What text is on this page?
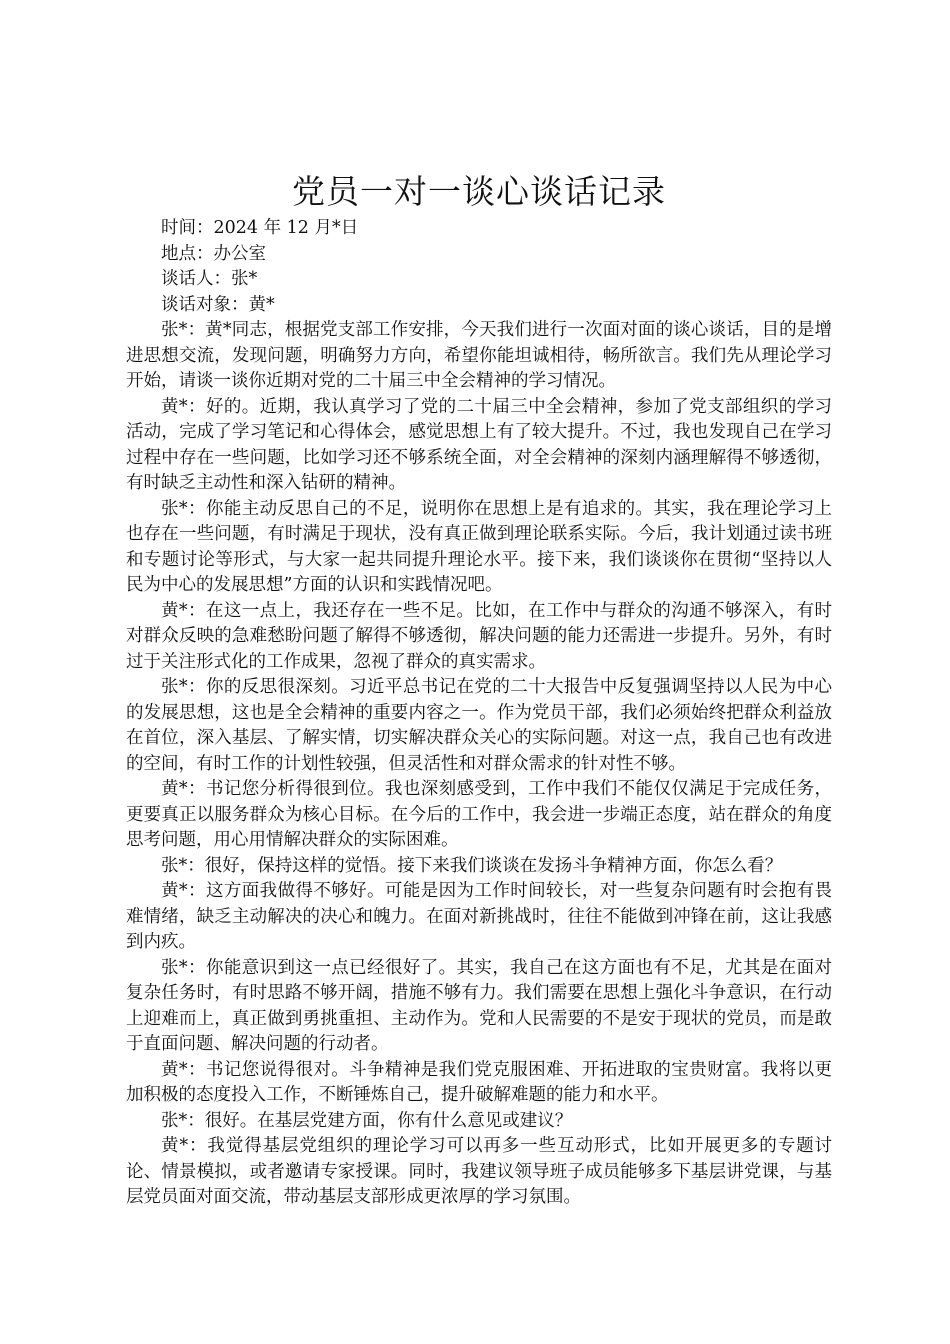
党员一对一谈心谈话记录

时间：2024 年 12 月*日

地点：办公室

谈话人：张*

谈话对象：黄*

张*：黄*同志，根据党支部工作安排，今天我们进行一次面对面的谈心谈话，目的是增进思想交流，发现问题，明确努力方向，希望你能坦诚相待，畅所欲言。我们先从理论学习开始，请谈一谈你近期对党的二十届三中全会精神的学习情况。

黄*：好的。近期，我认真学习了党的二十届三中全会精神，参加了党支部组织的学习活动，完成了学习笔记和心得体会，感觉思想上有了较大提升。不过，我也发现自己在学习过程中存在一些问题，比如学习还不够系统全面，对全会精神的深刻内涵理解得不够透彻，有时缺乏主动性和深入钻研的精神。

张*：你能主动反思自己的不足，说明你在思想上是有追求的。其实，我在理论学习上也存在一些问题，有时满足于现状，没有真正做到理论联系实际。今后，我计划通过读书班和专题讨论等形式，与大家一起共同提升理论水平。接下来，我们谈谈你在贯彻“坚持以人民为中心的发展思想”方面的认识和实践情况吧。

黄*：在这一点上，我还存在一些不足。比如，在工作中与群众的沟通不够深入，有时对群众反映的急难愁盼问题了解得不够透彻，解决问题的能力还需进一步提升。另外，有时过于关注形式化的工作成果，忽视了群众的真实需求。

张*：你的反思很深刻。习近平总书记在党的二十大报告中反复强调坚持以人民为中心的发展思想，这也是全会精神的重要内容之一。作为党员干部，我们必须始终把群众利益放在首位，深入基层、了解实情，切实解决群众关心的实际问题。对这一点，我自己也有改进的空间，有时工作的计划性较强，但灵活性和对群众需求的针对性不够。

黄*：书记您分析得很到位。我也深刻感受到，工作中我们不能仅仅满足于完成任务，更要真正以服务群众为核心目标。在今后的工作中，我会进一步端正态度，站在群众的角度思考问题，用心用情解决群众的实际困难。

张*：很好，保持这样的觉悟。接下来我们谈谈在发扬斗争精神方面，你怎么看？

黄*：这方面我做得不够好。可能是因为工作时间较长，对一些复杂问题有时会抱有畏难情绪，缺乏主动解决的决心和魄力。在面对新挑战时，往往不能做到冲锋在前，这让我感到内疚。

张*：你能意识到这一点已经很好了。其实，我自己在这方面也有不足，尤其是在面对复杂任务时，有时思路不够开阔，措施不够有力。我们需要在思想上强化斗争意识，在行动上迎难而上，真正做到勇挑重担、主动作为。党和人民需要的不是安于现状的党员，而是敢于直面问题、解决问题的行动者。

黄*：书记您说得很对。斗争精神是我们党克服困难、开拓进取的宝贵财富。我将以更加积极的态度投入工作，不断锤炼自己，提升破解难题的能力和水平。

张*：很好。在基层党建方面，你有什么意见或建议？

黄*：我觉得基层党组织的理论学习可以再多一些互动形式，比如开展更多的专题讨论、情景模拟，或者邀请专家授课。同时，我建议领导班子成员能够多下基层讲党课，与基层党员面对面交流，带动基层支部形成更浓厚的学习氛围。
